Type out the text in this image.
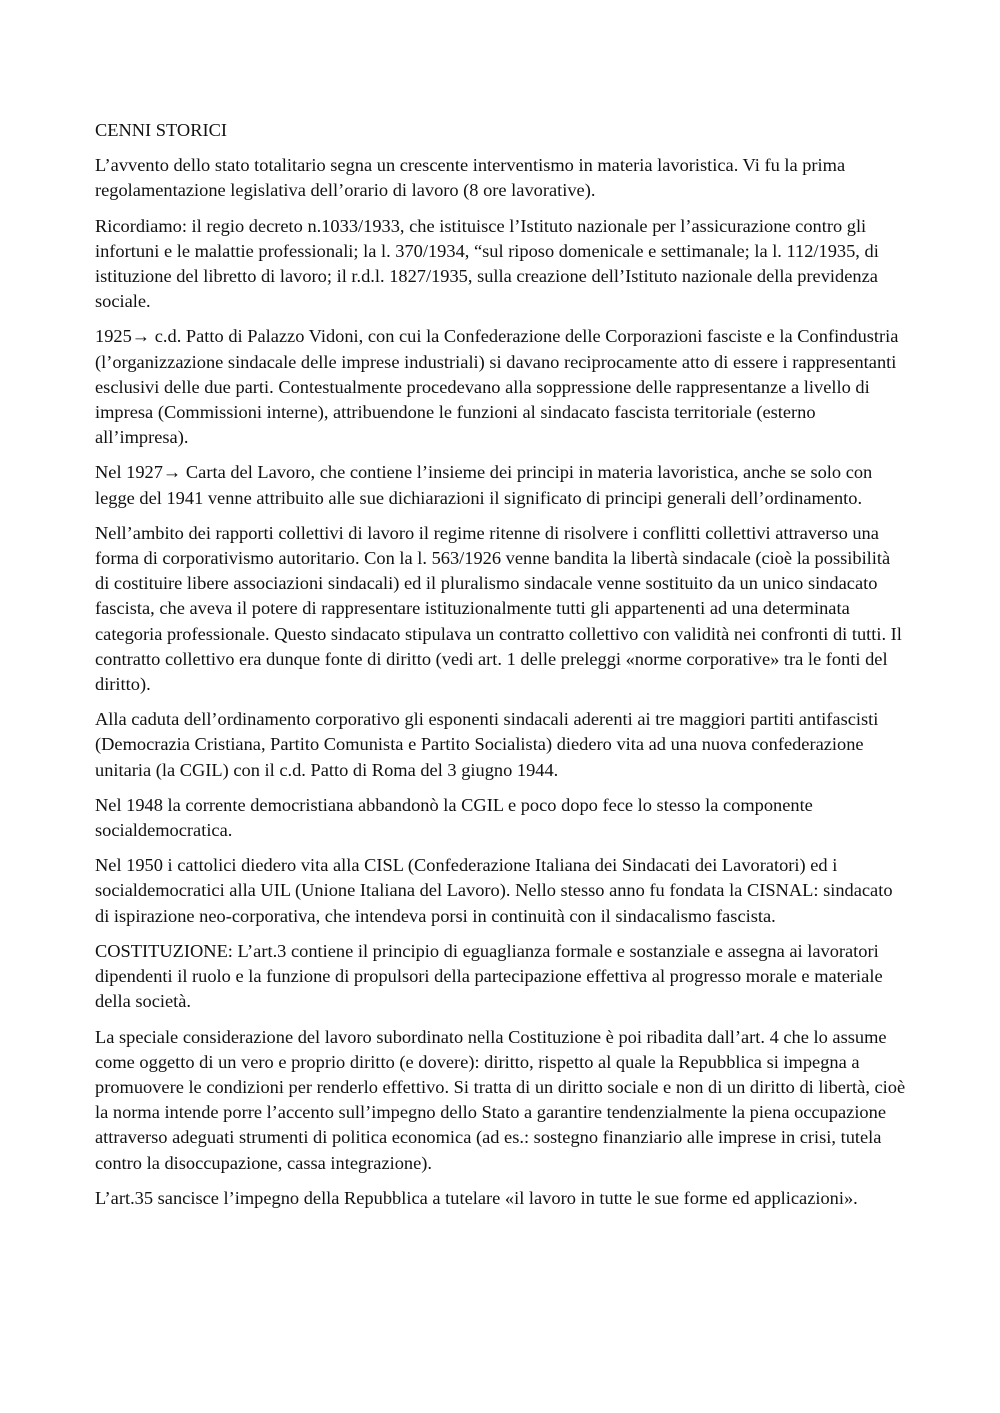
CENNI STORICI

L’avvento dello stato totalitario segna un crescente interventismo in materia lavoristica. Vi fu la prima regolamentazione legislativa dell’orario di lavoro (8 ore lavorative).

Ricordiamo: il regio decreto n.1033/1933, che istituisce l’Istituto nazionale per l’assicurazione contro gli infortuni e le malattie professionali; la l. 370/1934, “sul riposo domenicale e settimanale; la l. 112/1935, di istituzione del libretto di lavoro; il r.d.l. 1827/1935, sulla creazione dell’Istituto nazionale della previdenza sociale.

1925→ c.d. Patto di Palazzo Vidoni, con cui la Confederazione delle Corporazioni fasciste e la Confindustria (l’organizzazione sindacale delle imprese industriali) si davano reciprocamente atto di essere i rappresentanti esclusivi delle due parti. Contestualmente procedevano alla soppressione delle rappresentanze a livello di impresa (Commissioni interne), attribuendone le funzioni al sindacato fascista territoriale (esterno all’impresa).

Nel 1927→ Carta del Lavoro, che contiene l’insieme dei principi in materia lavoristica, anche se solo con legge del 1941 venne attribuito alle sue dichiarazioni il significato di principi generali dell’ordinamento.

Nell’ambito dei rapporti collettivi di lavoro il regime ritenne di risolvere i conflitti collettivi attraverso una forma di corporativismo autoritario. Con la l. 563/1926 venne bandita la libertà sindacale (cioè la possibilità di costituire libere associazioni sindacali) ed il pluralismo sindacale venne sostituito da un unico sindacato fascista, che aveva il potere di rappresentare istituzionalmente tutti gli appartenenti ad una determinata categoria professionale. Questo sindacato stipulava un contratto collettivo con validità nei confronti di tutti. Il contratto collettivo era dunque fonte di diritto (vedi art. 1 delle preleggi «norme corporative» tra le fonti del diritto).

Alla caduta dell’ordinamento corporativo gli esponenti sindacali aderenti ai tre maggiori partiti antifascisti (Democrazia Cristiana, Partito Comunista e Partito Socialista) diedero vita ad una nuova confederazione unitaria (la CGIL) con il c.d. Patto di Roma del 3 giugno 1944.

Nel 1948 la corrente democristiana abbandonò la CGIL e poco dopo fece lo stesso la componente socialdemocratica.

Nel 1950 i cattolici diedero vita alla CISL (Confederazione Italiana dei Sindacati dei Lavoratori) ed i socialdemocratici alla UIL (Unione Italiana del Lavoro). Nello stesso anno fu fondata la CISNAL: sindacato di ispirazione neo-corporativa, che intendeva porsi in continuità con il sindacalismo fascista.

COSTITUZIONE: L’art.3 contiene il principio di eguaglianza formale e sostanziale e assegna ai lavoratori dipendenti il ruolo e la funzione di propulsori della partecipazione effettiva al progresso morale e materiale della società.

La speciale considerazione del lavoro subordinato nella Costituzione è poi ribadita dall’art. 4 che lo assume come oggetto di un vero e proprio diritto (e dovere): diritto, rispetto al quale la Repubblica si impegna a promuovere le condizioni per renderlo effettivo. Si tratta di un diritto sociale e non di un diritto di libertà, cioè la norma intende porre l’accento sull’impegno dello Stato a garantire tendenzialmente la piena occupazione attraverso adeguati strumenti di politica economica (ad es.: sostegno finanziario alle imprese in crisi, tutela contro la disoccupazione, cassa integrazione).

L’art.35 sancisce l’impegno della Repubblica a tutelare «il lavoro in tutte le sue forme ed applicazioni».
